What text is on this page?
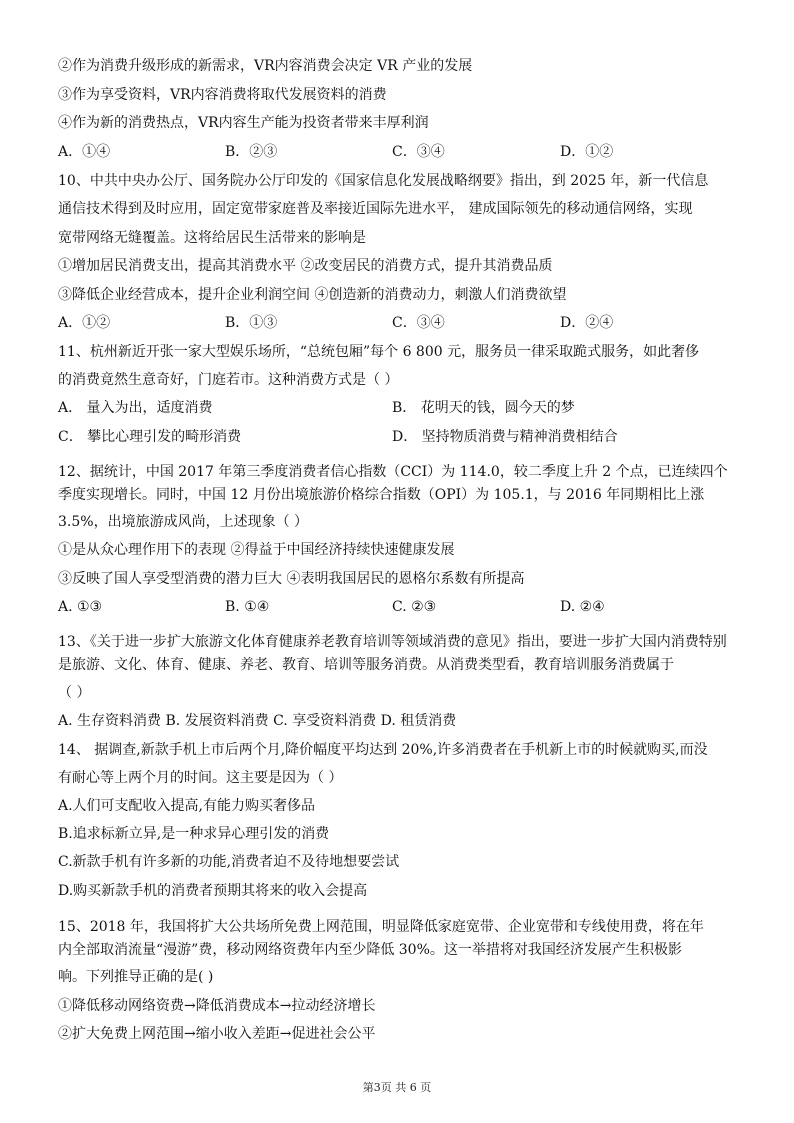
②作为消费升级形成的新需求，VR内容消费会决定 VR 产业的发展
③作为享受资料，VR内容消费将取代发展资料的消费
④作为新的消费热点，VR内容生产能为投资者带来丰厚利润
A．①④	B．②③	C．③④	D．①②
10、中共中央办公厅、国务院办公厅印发的《国家信息化发展战略纲要》指出，到 2025 年，新一代信息
通信技术得到及时应用，固定宽带家庭普及率接近国际先进水平， 建成国际领先的移动通信网络，实现
宽带网络无缝覆盖。这将给居民生活带来的影响是
①增加居民消费支出，提高其消费水平 ②改变居民的消费方式，提升其消费品质
③降低企业经营成本，提升企业利润空间 ④创造新的消费动力，刺激人们消费欲望
A．①②	B．①③	C．③④	D．②④
11、杭州新近开张一家大型娱乐场所，“总统包厢”每个 6 800 元，服务员一律采取跪式服务，如此奢侈
的消费竟然生意奇好，门庭若市。这种消费方式是（ ）
A． 量入为出，适度消费	B． 花明天的钱，圆今天的梦
C． 攀比心理引发的畸形消费	D． 坚持物质消费与精神消费相结合
12、据统计，中国 2017 年第三季度消费者信心指数（CCI）为 114.0，较二季度上升 2 个点，已连续四个
季度实现增长。同时，中国 12 月份出境旅游价格综合指数（OPI）为 105.1，与 2016 年同期相比上涨
3.5%，出境旅游成风尚，上述现象（ ）
①是从众心理作用下的表现 ②得益于中国经济持续快速健康发展
③反映了国人享受型消费的潜力巨大 ④表明我国居民的恩格尔系数有所提高
A. ①③	B. ①④	C. ②③	D. ②④
13、《关于进一步扩大旅游文化体育健康养老教育培训等领域消费的意见》指出，要进一步扩大国内消费特别
是旅游、文化、体育、健康、养老、教育、培训等服务消费。从消费类型看，教育培训服务消费属于
（ ）
A. 生存资料消费 B. 发展资料消费 C. 享受资料消费 D. 租赁消费
14、 据调查,新款手机上市后两个月,降价幅度平均达到 20%,许多消费者在手机新上市的时候就购买,而没
有耐心等上两个月的时间。这主要是因为（ ）
A.人们可支配收入提高,有能力购买奢侈品
B.追求标新立异,是一种求异心理引发的消费
C.新款手机有许多新的功能,消费者迫不及待地想要尝试
D.购买新款手机的消费者预期其将来的收入会提高
15、2018 年，我国将扩大公共场所免费上网范围，明显降低家庭宽带、企业宽带和专线使用费，将在年
内全部取消流量“漫游”费，移动网络资费年内至少降低 30%。这一举措将对我国经济发展产生积极影
响。下列推导正确的是( )
①降低移动网络资费→降低消费成本→拉动经济增长
②扩大免费上网范围→缩小收入差距→促进社会公平
第3页 共 6 页
